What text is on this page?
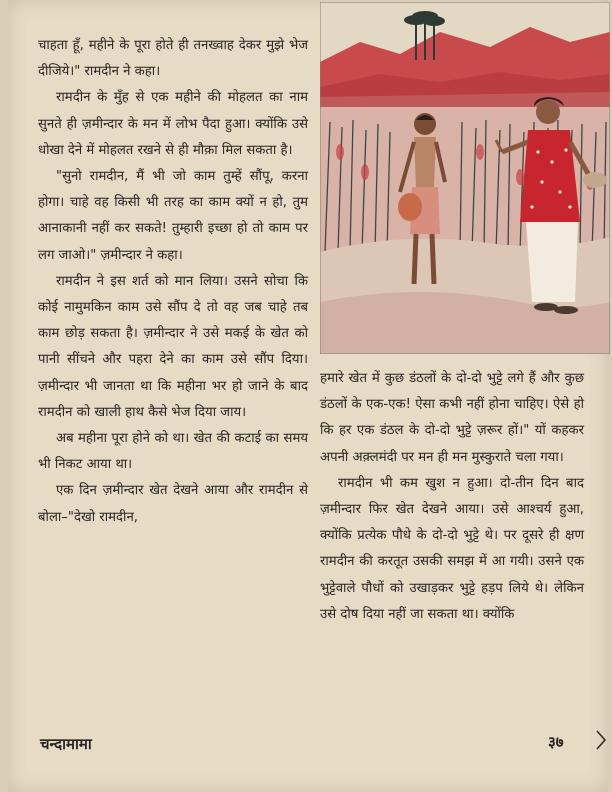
चाहता हूँ, महीने के पूरा होते ही तनख्वाह देकर मुझे भेज दीजिये।" रामदीन ने कहा।

रामदीन के मुँह से एक महीने की मोहलत का नाम सुनते ही ज़मीन्दार के मन में लोभ पैदा हुआ। क्योंकि उसे धोखा देने में मोहलत रखने से ही मौक़ा मिल सकता है।

"सुनो रामदीन, मैं भी जो काम तुम्हें सौंपू, करना होगा। चाहे वह किसी भी तरह का काम क्यों न हो, तुम आनाकानी नहीं कर सकते! तुम्हारी इच्छा हो तो काम पर लग जाओ।" ज़मीन्दार ने कहा।

रामदीन ने इस शर्त को मान लिया। उसने सोचा कि कोई नामुमकिन काम उसे सौंप दे तो वह जब चाहे तब काम छोड़ सकता है। ज़मीन्दार ने उसे मकई के खेत को पानी सींचने और पहरा देने का काम उसे सौंप दिया। ज़मीन्दार भी जानता था कि महीना भर हो जाने के बाद रामदीन को खाली हाथ कैसे भेज दिया जाय।

अब महीना पूरा होने को था। खेत की कटाई का समय भी निकट आया था।

एक दिन ज़मीन्दार खेत देखने आया और रामदीन से बोला–"देखो रामदीन,

हमारे खेत में कुछ डंठलों के दो-दो भुट्टे लगे हैं और कुछ डंठलों के एक-एक! ऐसा कभी नहीं होना चाहिए। ऐसे हो कि हर एक डंठल के दो-दो भुट्टे ज़रूर हों।" यों कहकर अपनी अक़्लमंदी पर मन ही मन मुस्कुराते चला गया।

रामदीन भी कम खुश न हुआ। दो-तीन दिन बाद ज़मीन्दार फिर खेत देखने आया। उसे आश्चर्य हुआ, क्योंकि प्रत्येक पौधे के दो-दो भुट्टे थे। पर दूसरे ही क्षण रामदीन की करतूत उसकी समझ में आ गयी। उसने एक भुट्टेवाले पौधों को उखाड़कर भुट्टे हड़प लिये थे। लेकिन उसे दोष दिया नहीं जा सकता था। क्योंकि

चन्दामामा	३७
